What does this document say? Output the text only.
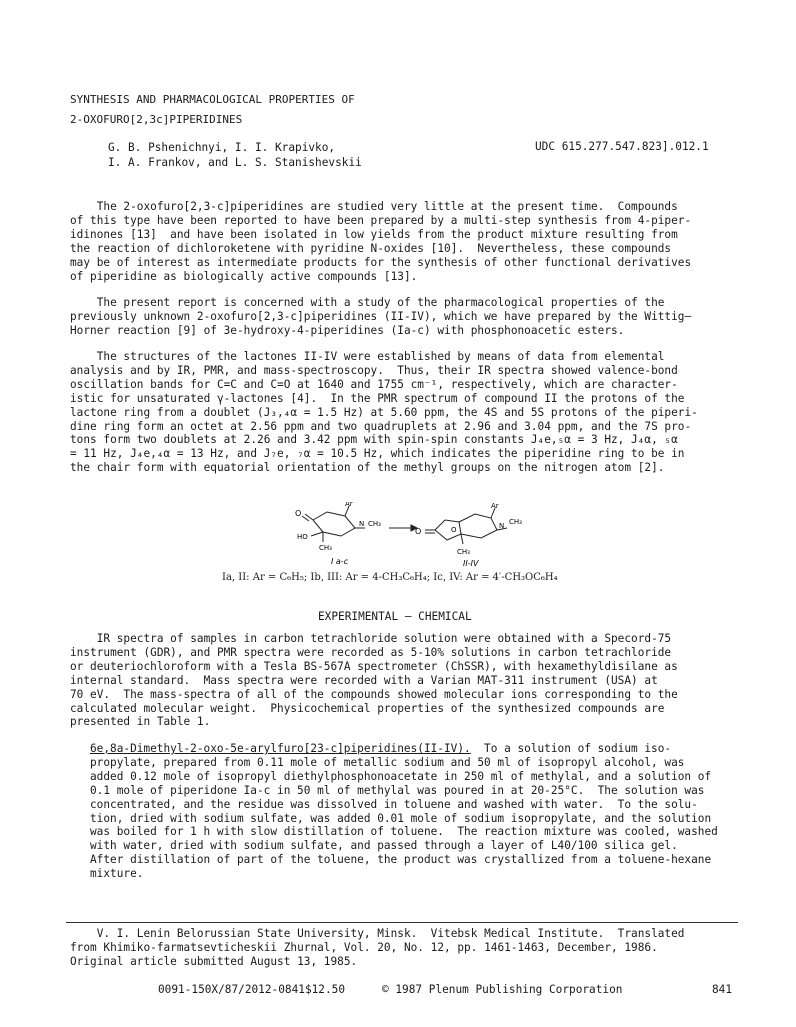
SYNTHESIS AND PHARMACOLOGICAL PROPERTIES OF
2-OXOFURO[2,3c]PIPERIDINES
G. B. Pshenichnyi, I. I. Krapivko,
I. A. Frankov, and L. S. Stanishevskii
UDC 615.277.547.823].012.1

The 2-oxofuro[2,3-c]piperidines are studied very little at the present time.  Compounds
of this type have been reported to have been prepared by a multi-step synthesis from 4-piper-
idinones [13]  and have been isolated in low yields from the product mixture resulting from
the reaction of dichloroketene with pyridine N-oxides [10].  Nevertheless, these compounds
may be of interest as intermediate products for the synthesis of other functional derivatives
of piperidine as biologically active compounds [13].

The present report is concerned with a study of the pharmacological properties of the
previously unknown 2-oxofuro[2,3-c]piperidines (II-IV), which we have prepared by the Wittig—
Horner reaction [9] of 3e-hydroxy-4-piperidines (Ia-c) with phosphonoacetic esters.

The structures of the lactones II-IV were established by means of data from elemental
analysis and by IR, PMR, and mass-spectroscopy.  Thus, their IR spectra showed valence-bond
oscillation bands for C=C and C=O at 1640 and 1755 cm⁻¹, respectively, which are character-
istic for unsaturated γ-lactones [4].  In the PMR spectrum of compound II the protons of the
lactone ring from a doublet (J₃,₄α = 1.5 Hz) at 5.60 ppm, the 4S and 5S protons of the piperi-
dine ring form an octet at 2.56 ppm and two quadruplets at 2.96 and 3.04 ppm, and the 7S pro-
tons form two doublets at 2.26 and 3.42 ppm with spin-spin constants J₄e,₅α = 3 Hz, J₄α, ₅α
= 11 Hz, J₄e,₄α = 13 Hz, and J₇e, ₇α = 10.5 Hz, which indicates the piperidine ring to be in
the chair form with equatorial orientation of the methyl groups on the nitrogen atom [2].

O
Ar
N CH₃
HO
CH₃
I a-c
O	O
Ar
N CH₃
CH₃
II-IV
Ia, II: Ar = C₆H₅; Ib, III: Ar = 4-CH₃C₆H₄; Ic, IV: Ar = 4′-CH₃OC₆H₄
EXPERIMENTAL — CHEMICAL

IR spectra of samples in carbon tetrachloride solution were obtained with a Specord-75
instrument (GDR), and PMR spectra were recorded as 5-10% solutions in carbon tetrachloride
or deuteriochloroform with a Tesla BS-567A spectrometer (ChSSR), with hexamethyldisilane as
internal standard.  Mass spectra were recorded with a Varian MAT-311 instrument (USA) at
70 eV.  The mass-spectra of all of the compounds showed molecular ions corresponding to the
calculated molecular weight.  Physicochemical properties of the synthesized compounds are
presented in Table 1.

6e,8a-Dimethyl-2-oxo-5e-arylfuro[23-c]piperidines(II-IV).  To a solution of sodium iso-
propylate, prepared from 0.11 mole of metallic sodium and 50 ml of isopropyl alcohol, was
added 0.12 mole of isopropyl diethylphosphonoacetate in 250 ml of methylal, and a solution of
0.1 mole of piperidone Ia-c in 50 ml of methylal was poured in at 20-25°C.  The solution was
concentrated, and the residue was dissolved in toluene and washed with water.  To the solu-
tion, dried with sodium sulfate, was added 0.01 mole of sodium isopropylate, and the solution
was boiled for 1 h with slow distillation of toluene.  The reaction mixture was cooled, washed
with water, dried with sodium sulfate, and passed through a layer of L40/100 silica gel.
After distillation of part of the toluene, the product was crystallized from a toluene-hexane
mixture.

V. I. Lenin Belorussian State University, Minsk.  Vitebsk Medical Institute.  Translated
from Khimiko-farmatsevticheskii Zhurnal, Vol. 20, No. 12, pp. 1461-1463, December, 1986.
Original article submitted August 13, 1985.

0091-150X/87/2012-0841$12.50	© 1987 Plenum Publishing Corporation	841
